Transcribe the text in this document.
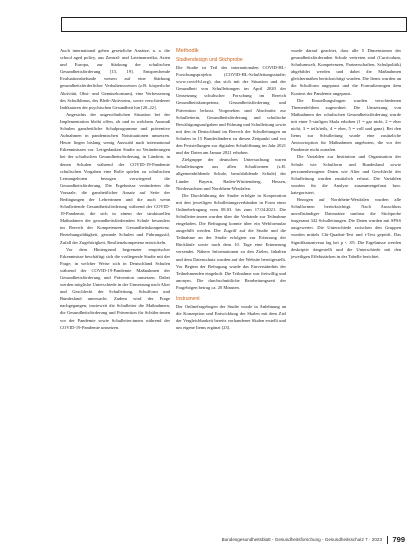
Auch international gehen gesetzliche Ansätze, u. a. die school aged policy, aus Zentral- und Lateinamerika, Asien und Europa, zur Stärkung der schulischen Gesundheitsförderung [13, 19]. Entsprechende Evaluationsbefunde weisen auf eine Stärkung gesundheitsförderlicher Verhaltensweisen (z.B. körperliche Aktivität, Obst- und Gemüsekonsum), eine Verbesserung des Schulklimas, des Bleib-Aktivseins, sowie verschiedener Indikatoren der psychischen Gesundheit hin [20–22].

Angesichts der ungewöhnlichen Situation bei der Implementation bleibt offen, ob und in welchem Ausmaß Schulen ganzheitliche Schulprogramme und präventive Aufnahmen in pandemischen Notsituationen umsetzen. Heute liegen bislang wenig Auswahl nach international Erkenntnissen vor. Leitgedanken Studie zu Veränderungen bei der schulischen Gesundheitsförderung, in Ländern, in denen Schulen während der COVID-19-Pandemie schulischen Vorgaben eine Rolle spielen zu schulischen Lernangeboten bezogen vorwiegend die Gesundheitsförderung. Die Ergebnisse veränderten die Vorsaale, die ganzheitlicher Ansatz auf Seite der Bedingungen der Lehrerinnen und die auch wenn Schulleitende Gesundheitsförderung während der COVID-19-Pandemie, die sich in einem der strukturellen Maßnahmen der gesundheitsfördernden Schule besonders im Bereich der Kompetenzen Gesundheitskompetenz, Beziehungsfähigkeit, gesunde Schulen und Führungsstil, Zufall der Zugehörigkeit, Resilienzkompetenz entwickeln.

Vor dem Hintergrund begrenzter empirischer Erkenntnisse beschäftigt sich die vorliegende Studie mit der Frage, in welcher Weise sich in Deutschland Schulen während der COVID-19-Pandemie Maßnahmen der Gesundheitsförderung und Prävention umsetzen. Dabei werden mögliche Unterschiede in der Umsetzung nach Alter und Geschlecht der Schulleitung, Schulform und Bundesland untersucht. Zudem wird der Frage nachgegangen, inwieweit die Schulleiter die Maßnahmen, die Gesundheitsförderung und Prävention für Schüler:innen vor der Pandemie sowie Schulleiter:innen während der COVID-19-Pandemie umsetzen.

Methodik
Studiendesign und Stichprobe

Die Studie ist Teil des internationalen COVID-HL-Forschungsprojekts (COVID-HL-Schulleitungsstudie; www.covid-hl.org), das sich mit der Situation und der Gesundheit von Schulleitungen im April 2020 der Umsetzung schulischer Forschung im Bereich Gesundheitskompetenz, Gesundheitsförderung und Prävention befasst. Vorgesehen sind Abschnitte zur Schulleiterin, Gesundheitsförderung und schulische Bewältigungsaufgaben und Führung und Schulleitung sowie mit den in Deutschland im Bereich der Schulleitungen an Schulen in 15 Bundesländern zu diesen Zeitpunkt und vor den Feststellungen zur digitalen Schulöffnung im Jahr 2021 und der Daten am Januar 2021 erhoben.

Zielgruppe der deutschen Untersuchung waren Schulleitungen aus allen Schulformen (z.B. allgemeinbildende Schule, berufsbildende Schule) der Länder Bayern, Baden-Württemberg, Hessen, Niedersachsen und Nordrhein-Westfalen.

Die Durchführung der Studie erfolgte in Kooperation mit den jeweiligen Schulleitungsverbänden in Form einer Onlinebefragung vom 08.03. bis zum 17.04.2021. Die Schulleiter:innen wurden über die Verbände zur Teilnahme eingeladen. Die Befragung konnte über ein Webformular ausgefüllt werden. Der Zugriff auf die Studie und die Teilnahme an der Studie erfolgten zur Erfassung der Rückläufe sowie nach dem 10. Tage eine Erinnerung versendet. Nähere Informationen zu den Zielen, Inhalten und dem Datenschutz wurden auf der Website bereitgestellt. Vor Beginn der Befragung wurde das Einverständnis der Teilnehmenden eingeholt. Die Teilnahme war freiwillig und anonym. Die durchschnittliche Bearbeitungszeit der Fragebögen betrug ca. 20 Minuten.

Instrument

Der Onlinefragebogen der Studie wurde in Anlehnung an die Konzeption und Entwicklung der Skalen mit dem Ziel der Vergleichbarkeit bereits vorhandener Skalen erstellt und um eigene Items ergänzt [23].

wurde darauf geachtet, dass alle 5 Dimensionen der gesundheitsfördernden Schule vertreten sind (Curriculum, Schulumwelt, Kompetenzen, Partnerschaften, Schulpolitik) abgebildet werden und dabei die Maßnahmen gleichermaßen berücksichtigt wurden. Die Items wurden an die Schulform angepasst und die Formulierungen dem Kontext der Pandemie angepasst.

Die Einstellungsfragen wurden verschiedenen Themenfeldern zugeordnet. Die Umsetzung von Maßnahmen der schulischen Gesundheitsförderung wurde mit einer 5-stufigen Skala erhoben (1 = gar nicht, 2 = eher nicht, 3 = teils/teils, 4 = eher, 5 = voll und ganz). Bei den Items zur Schulleitung wurde eine zusätzliche Antwortoption für Maßnahmen angeboten, die vor der Pandemie nicht zutrafen.

Die Variablen zur Institution und Organisation der Schule wie Schulform und Bundesland sowie personenbezogene Daten wie Alter und Geschlecht der Schulleitung wurden zusätzlich erfasst. Die Variablen wurden für die Analyse zusammengefasst bzw. kategorisiert.

Bezogen auf Nordrhein-Westfalen wurden alle Schulformen berücksichtigt. Nach Ausschluss unvollständiger Datensätze umfasst die Stichprobe insgesamt 342 Schulleitungen. Die Daten wurden mit SPSS ausgewertet. Die Unterschiede zwischen den Gruppen wurden mittels Chi-Quadrat-Test und t-Test geprüft. Das Signifikanzniveau lag bei p < .05. Die Ergebnisse werden deskriptiv dargestellt und die Unterschiede mit den jeweiligen Effektstärken in der Tabelle berichtet.

Bundesgesundheitsblatt - Gesundheitsforschung - Gesundheitsschutz 7 · 2023 799
